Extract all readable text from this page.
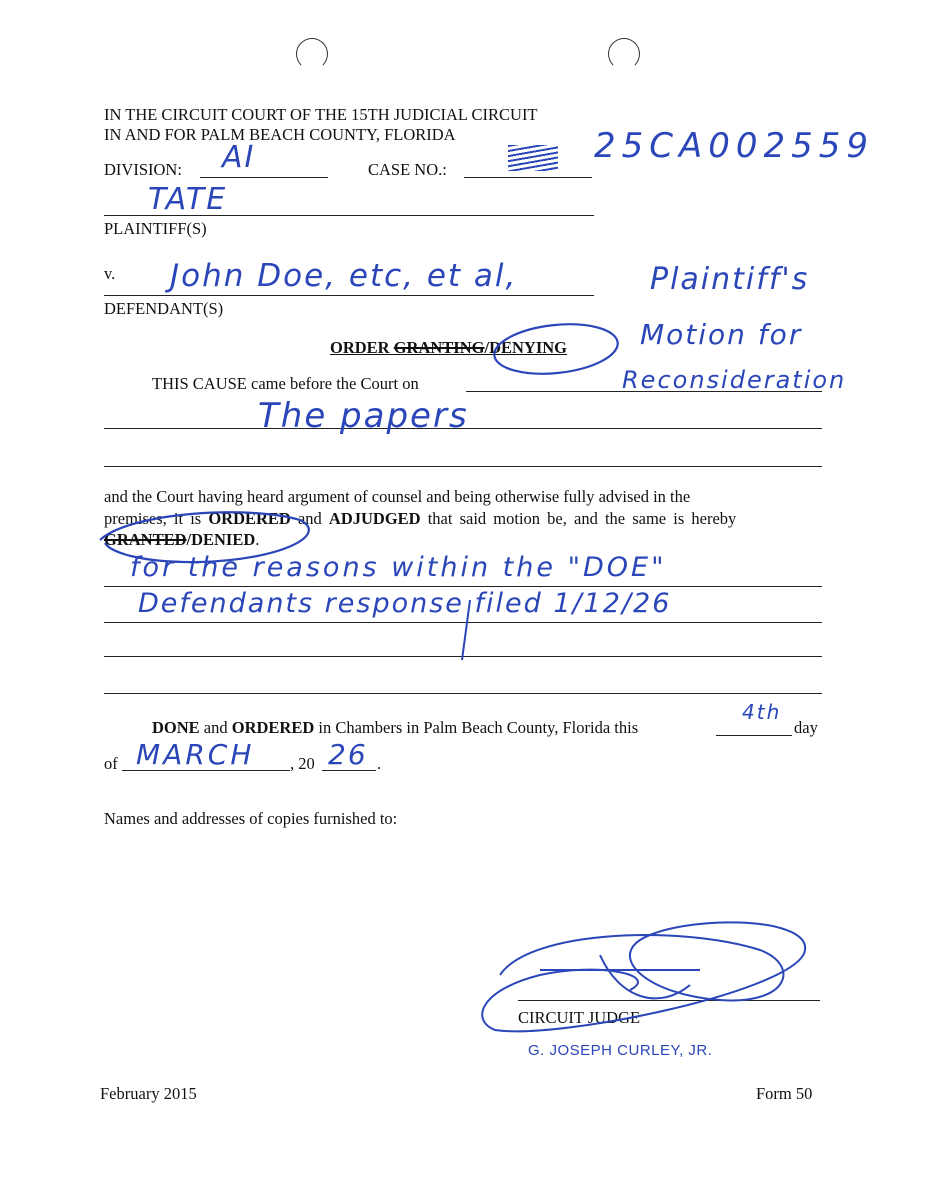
IN THE CIRCUIT COURT OF THE 15TH JUDICIAL CIRCUIT
IN AND FOR PALM BEACH COUNTY, FLORIDA
DIVISION: AI	CASE NO.:
25CA002559
TATE
PLAINTIFF(S)
v. John Doe, etc, et al,
DEFENDANT(S)
ORDER GRANTING/DENYING
Plaintiff's
Motion for
Reconsideration
THIS CAUSE came before the Court on
The papers
and the Court having heard argument of counsel and being otherwise fully advised in the
premises, it is ORDERED and ADJUDGED that said motion be, and the same is hereby
GRANTED/DENIED.
for the reasons within the "DOE"
Defendants response filed 1/12/26
DONE and ORDERED in Chambers in Palm Beach County, Florida this
4th
day
of MARCH , 20 26 .
Names and addresses of copies furnished to:
CIRCUIT JUDGE
G. JOSEPH CURLEY, JR.
February 2015	Form 50
